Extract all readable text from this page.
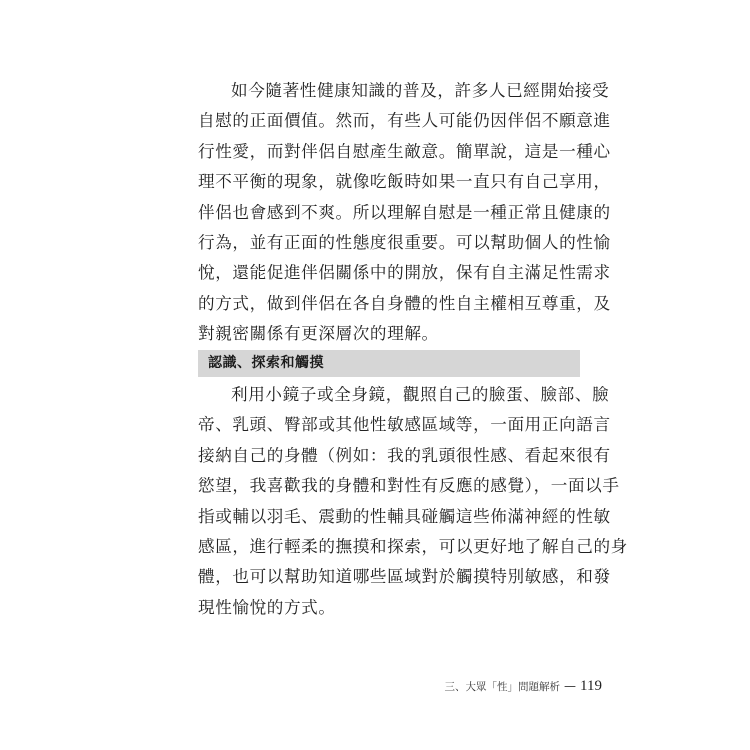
如今隨著性健康知識的普及，許多人已經開始接受
自慰的正面價值。然而，有些人可能仍因伴侶不願意進
行性愛，而對伴侶自慰產生敵意。簡單說，這是一種心
理不平衡的現象，就像吃飯時如果一直只有自己享用，
伴侶也會感到不爽。所以理解自慰是一種正常且健康的
行為，並有正面的性態度很重要。可以幫助個人的性愉
悅，還能促進伴侶關係中的開放，保有自主滿足性需求
的方式，做到伴侶在各自身體的性自主權相互尊重，及
對親密關係有更深層次的理解。
認識、探索和觸摸
利用小鏡子或全身鏡，觀照自己的臉蛋、臉部、臉
帝、乳頭、臀部或其他性敏感區域等，一面用正向語言
接納自己的身體（例如：我的乳頭很性感、看起來很有
慾望，我喜歡我的身體和對性有反應的感覺），一面以手
指或輔以羽毛、震動的性輔具碰觸這些佈滿神經的性敏
感區，進行輕柔的撫摸和探索，可以更好地了解自己的身
體，也可以幫助知道哪些區域對於觸摸特別敏感，和發
現性愉悅的方式。
三、大眾「性」問題解析 — 119
